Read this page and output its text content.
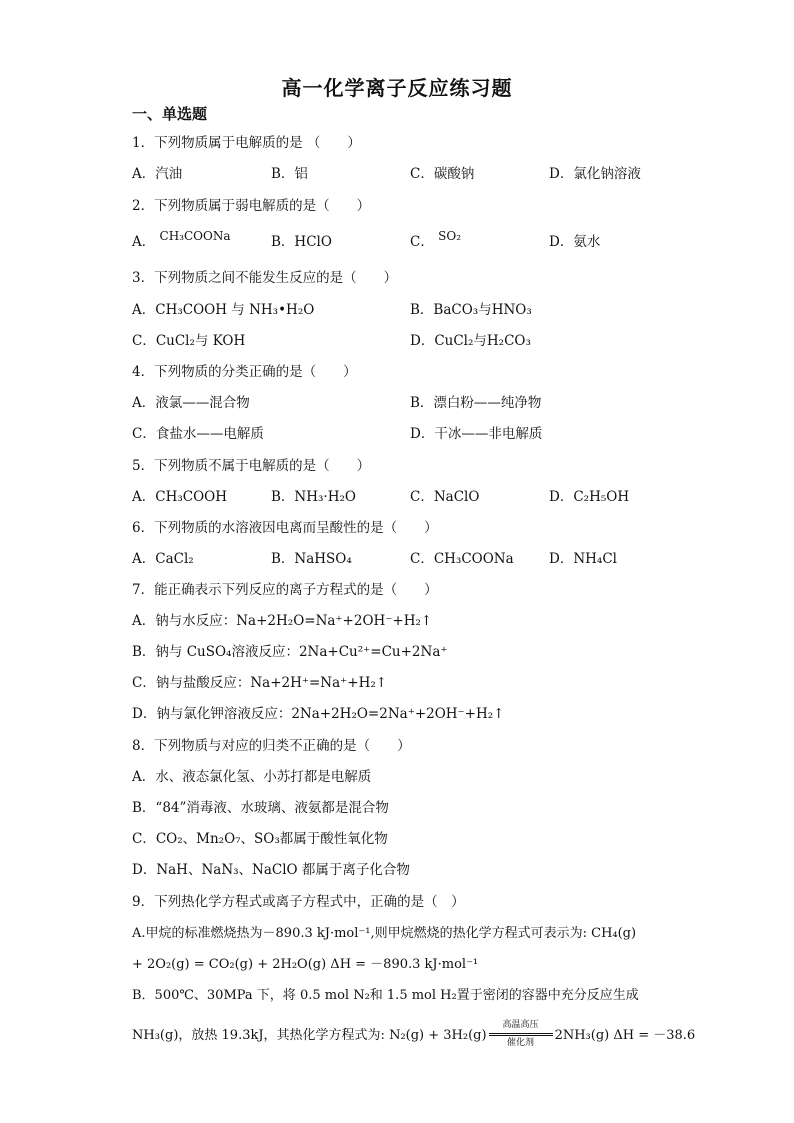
高一化学离子反应练习题
一、单选题
1．下列物质属于电解质的是 （　　）
A．汽油	B．铝	C．碳酸钠	D．氯化钠溶液
2．下列物质属于弱电解质的是（　　）
A． CH₃COONa	B．HClO	C． SO₂	D．氨水
3．下列物质之间不能发生反应的是（　　）
A．CH₃COOH 与 NH₃•H₂O	B．BaCO₃与HNO₃
C．CuCl₂与 KOH	D．CuCl₂与H₂CO₃
4．下列物质的分类正确的是（　　）
A．液氯——混合物	B．漂白粉——纯净物
C．食盐水——电解质	D．干冰——非电解质
5．下列物质不属于电解质的是（　　）
A．CH₃COOH	B．NH₃·H₂O	C．NaClO	D．C₂H₅OH
6．下列物质的水溶液因电离而呈酸性的是（　　）
A．CaCl₂	B．NaHSO₄	C．CH₃COONa	D．NH₄Cl
7．能正确表示下列反应的离子方程式的是（　　）
A．钠与水反应：Na+2H₂O=Na⁺+2OH⁻+H₂↑
B．钠与 CuSO₄溶液反应：2Na+Cu²⁺=Cu+2Na⁺
C．钠与盐酸反应：Na+2H⁺=Na⁺+H₂↑
D．钠与氯化钾溶液反应：2Na+2H₂O=2Na⁺+2OH⁻+H₂↑
8．下列物质与对应的归类不正确的是（　　）
A．水、液态氯化氢、小苏打都是电解质
B．“84”消毒液、水玻璃、液氨都是混合物
C．CO₂、Mn₂O₇、SO₃都属于酸性氧化物
D．NaH、NaN₃、NaClO 都属于离子化合物
9．下列热化学方程式或离子方程式中，正确的是（　）
A.甲烷的标准燃烧热为－890.3 kJ·mol⁻¹,则甲烷燃烧的热化学方程式可表示为: CH₄(g)
+ 2O₂(g) = CO₂(g) + 2H₂O(g) ΔH = －890.3 kJ·mol⁻¹
B．500℃、30MPa 下，将 0.5 mol N₂和 1.5 mol H₂置于密闭的容器中充分反应生成
NH₃(g)，放热 19.3kJ，其热化学方程式为: N₂(g) + 3H₂(g)
高温高压
催化剂	2NH₃(g) ΔH = －38.6
